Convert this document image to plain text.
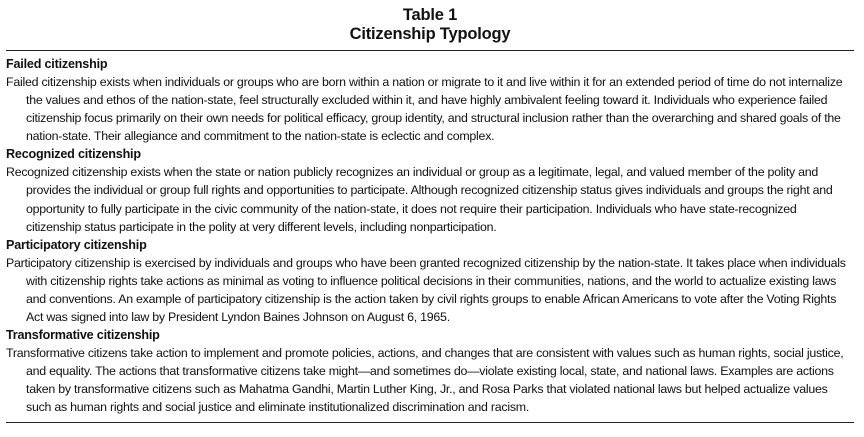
Table 1
Citizenship Typology
Failed citizenship

Failed citizenship exists when individuals or groups who are born within a nation or migrate to it and live within it for an extended period of time do not internalize the values and ethos of the nation-state, feel structurally excluded within it, and have highly ambivalent feeling toward it. Individuals who experience failed citizenship focus primarily on their own needs for political efficacy, group identity, and structural inclusion rather than the overarching and shared goals of the nation-state. Their allegiance and commitment to the nation-state is eclectic and complex.

Recognized citizenship

Recognized citizenship exists when the state or nation publicly recognizes an individual or group as a legitimate, legal, and valued member of the polity and provides the individual or group full rights and opportunities to participate. Although recognized citizenship status gives individuals and groups the right and opportunity to fully participate in the civic community of the nation-state, it does not require their participation. Individuals who have state-recognized citizenship status participate in the polity at very different levels, including nonparticipation.

Participatory citizenship

Participatory citizenship is exercised by individuals and groups who have been granted recognized citizenship by the nation-state. It takes place when individuals with citizenship rights take actions as minimal as voting to influence political decisions in their communities, nations, and the world to actualize existing laws and conventions. An example of participatory citizenship is the action taken by civil rights groups to enable African Americans to vote after the Voting Rights Act was signed into law by President Lyndon Baines Johnson on August 6, 1965.

Transformative citizenship

Transformative citizens take action to implement and promote policies, actions, and changes that are consistent with values such as human rights, social justice, and equality. The actions that transformative citizens take might—and sometimes do—violate existing local, state, and national laws. Examples are actions taken by transformative citizens such as Mahatma Gandhi, Martin Luther King, Jr., and Rosa Parks that violated national laws but helped actualize values such as human rights and social justice and eliminate institutionalized discrimination and racism.
